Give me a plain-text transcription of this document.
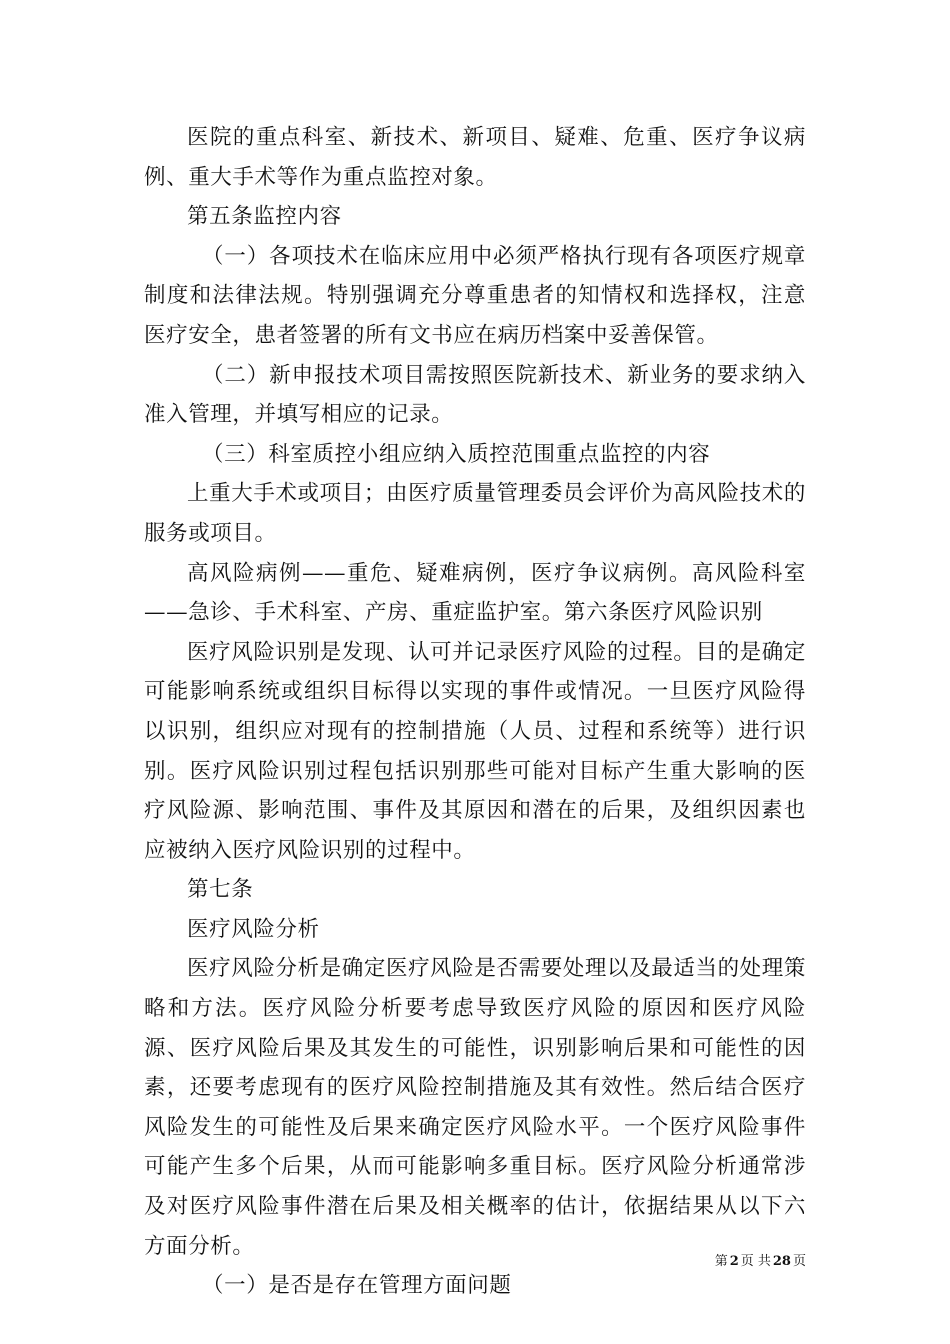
医院的重点科室、新技术、新项目、疑难、危重、医疗争议病例、重大手术等作为重点监控对象。

第五条监控内容

（一）各项技术在临床应用中必须严格执行现有各项医疗规章制度和法律法规。特别强调充分尊重患者的知情权和选择权，注意医疗安全，患者签署的所有文书应在病历档案中妥善保管。

（二）新申报技术项目需按照医院新技术、新业务的要求纳入准入管理，并填写相应的记录。

（三）科室质控小组应纳入质控范围重点监控的内容

上重大手术或项目；由医疗质量管理委员会评价为高风险技术的服务或项目。

高风险病例——重危、疑难病例，医疗争议病例。高风险科室——急诊、手术科室、产房、重症监护室。第六条医疗风险识别

医疗风险识别是发现、认可并记录医疗风险的过程。目的是确定可能影响系统或组织目标得以实现的事件或情况。一旦医疗风险得以识别，组织应对现有的控制措施（人员、过程和系统等）进行识别。医疗风险识别过程包括识别那些可能对目标产生重大影响的医疗风险源、影响范围、事件及其原因和潜在的后果，及组织因素也应被纳入医疗风险识别的过程中。

第七条

医疗风险分析

医疗风险分析是确定医疗风险是否需要处理以及最适当的处理策略和方法。医疗风险分析要考虑导致医疗风险的原因和医疗风险源、医疗风险后果及其发生的可能性，识别影响后果和可能性的因素，还要考虑现有的医疗风险控制措施及其有效性。然后结合医疗风险发生的可能性及后果来确定医疗风险水平。一个医疗风险事件可能产生多个后果，从而可能影响多重目标。医疗风险分析通常涉及对医疗风险事件潜在后果及相关概率的估计，依据结果从以下六方面分析。

（一）是否是存在管理方面问题

第 2 页 共 28 页
